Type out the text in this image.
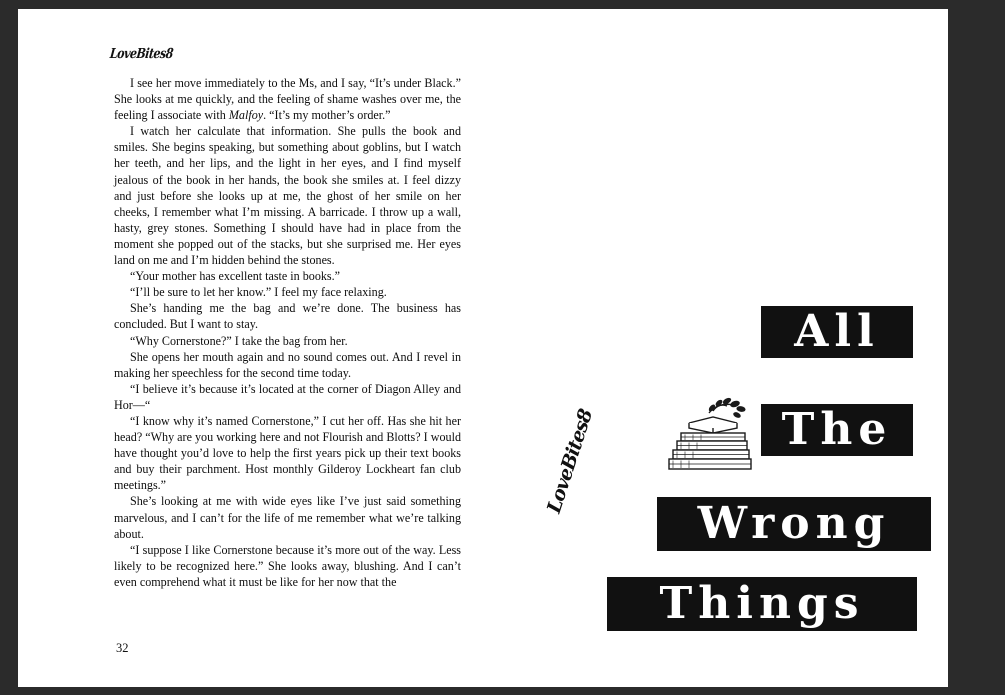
LoveBites8

I see her move immediately to the Ms, and I say, “It’s under Black.” She looks at me quickly, and the feeling of shame washes over me, the feeling I associate with Malfoy. “It’s my mother’s order.”

I watch her calculate that information. She pulls the book and smiles. She begins speaking, but something about goblins, but I watch her teeth, and her lips, and the light in her eyes, and I find myself jealous of the book in her hands, the book she smiles at. I feel dizzy and just before she looks up at me, the ghost of her smile on her cheeks, I remember what I’m missing. A barricade. I throw up a wall, hasty, grey stones. Something I should have had in place from the moment she popped out of the stacks, but she surprised me. Her eyes land on me and I’m hidden behind the stones.

“Your mother has excellent taste in books.”

“I’ll be sure to let her know.” I feel my face relaxing.

She’s handing me the bag and we’re done. The business has concluded. But I want to stay.

“Why Cornerstone?” I take the bag from her.

She opens her mouth again and no sound comes out. And I revel in making her speechless for the second time today.

“I believe it’s because it’s located at the corner of Diagon Alley and Hor—“

“I know why it’s named Cornerstone,” I cut her off. Has she hit her head? “Why are you working here and not Flourish and Blotts? I would have thought you’d love to help the first years pick up their text books and buy their parchment. Host monthly Gilderoy Lockheart fan club meetings.”

She’s looking at me with wide eyes like I’ve just said something marvelous, and I can’t for the life of me remember what we’re talking about.

“I suppose I like Cornerstone because it’s more out of the way. Less likely to be recognized here.” She looks away, blushing. And I can’t even comprehend what it must be like for her now that the

32
All
The
Wrong
Things
LoveBites8
